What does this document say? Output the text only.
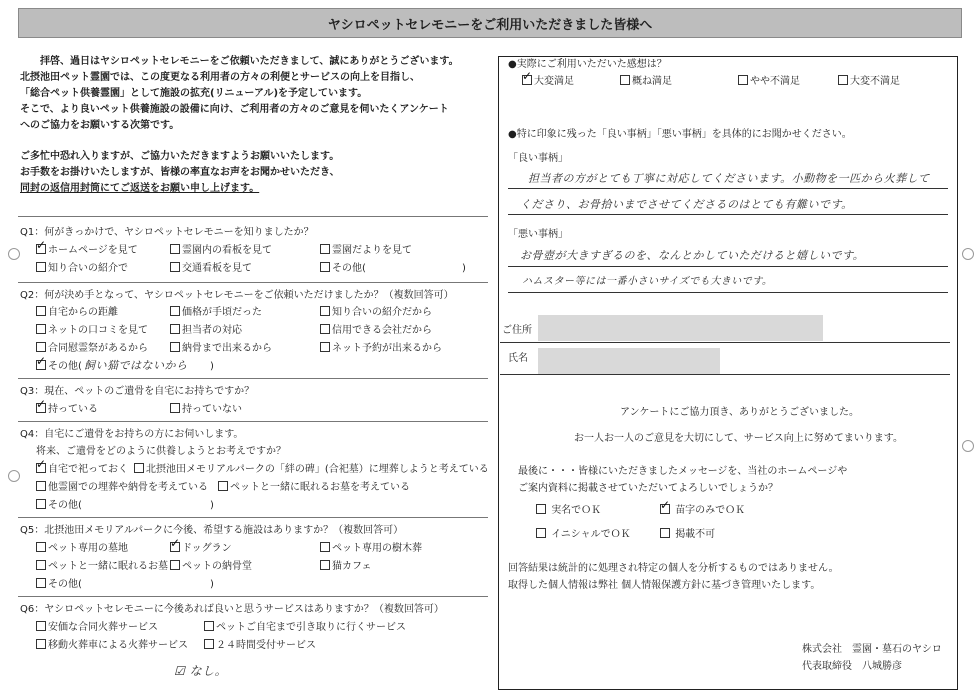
ヤシロペットセレモニーをご利用いただきました皆様へ
拝啓、過日はヤシロペットセレモニーをご依頼いただきまして、誠にありがとうございます。
北摂池田ペット霊園では、この度更なる利用者の方々の利便とサービスの向上を目指し、
「総合ペット供養霊園」として施設の拡充(リニューアル)を予定しています。
そこで、より良いペット供養施設の設備に向け、ご利用者の方々のご意見を伺いたくアンケート
へのご協力をお願いする次第です。
ご多忙中恐れ入りますが、ご協力いただきますようお願いいたします。
お手数をお掛けいたしますが、皆様の率直なお声をお聞かせいただき、
同封の返信用封筒にてご返送をお願い申し上げます。
Q1：何がきっかけで、ヤシロペットセレモニーを知りましたか？
✓ホームページを見て	霊園内の看板を見て	霊園だよりを見て
知り合いの紹介で	交通看板を見て	その他(	)
Q2：何が決め手となって、ヤシロペットセレモニーをご依頼いただけましたか？（複数回答可）
自宅からの距離	価格が手頃だった	知り合いの紹介だから
ネットの口コミを見て	担当者の対応	信用できる会社だから
合同慰霊祭があるから	納骨まで出来るから	ネット予約が出来るから
✓その他( 飼い猫ではないから )
Q3：現在、ペットのご遺骨を自宅にお持ちですか？
✓持っている	持っていない
Q4：自宅にご遺骨をお持ちの方にお伺いします。
将来、ご遺骨をどのように供養しようとお考えですか？
✓自宅で祀っておく	北摂池田メモリアルパークの「絆の碑」(合祀墓）に埋葬しようと考えている
他霊園での埋葬や納骨を考えている	ペットと一緒に眠れるお墓を考えている
その他(	)
Q5：北摂池田メモリアルパークに今後、希望する施設はありますか？（複数回答可）
ペット専用の墓地 ✓	ドッグラン	ペット専用の樹木葬
ペットと一緒に眠れるお墓	ペットの納骨堂	猫カフェ
その他(	)
Q6：ヤシロペットセレモニーに今後あれば良いと思うサービスはありますか？（複数回答可）
安価な合同火葬サービス	ペットご自宅まで引き取りに行くサービス
移動火葬車による火葬サービス	２４時間受付サービス
☑ なし。
●実際にご利用いただいた感想は？
✓大変満足	概ね満足	やや不満足	大変不満足
●特に印象に残った「良い事柄」「悪い事柄」を具体的にお聞かせください。
「良い事柄」
担当者の方がとても丁寧に対応してくださいます。小動物を一匹から火葬して
くださり、お骨拾いまでさせてくださるのはとても有難いです。
「悪い事柄」
お骨壺が大きすぎるのを、なんとかしていただけると嬉しいです。
ハムスター等には一番小さいサイズでも大きいです。
ご住所
氏名
アンケートにご協力頂き、ありがとうございました。
お一人お一人のご意見を大切にして、サービス向上に努めてまいります。
最後に・・・皆様にいただきましたメッセージを、当社のホームページや
ご案内資料に掲載させていただいてよろしいでしょうか？
実名でＯＫ ✓	苗字のみでＯＫ
イニシャルでＯＫ	掲載不可
回答結果は統計的に処理され特定の個人を分析するものではありません。
取得した個人情報は弊社 個人情報保護方針に基づき管理いたします。
株式会社　霊園・墓石のヤシロ
代表取締役　八城勝彦
